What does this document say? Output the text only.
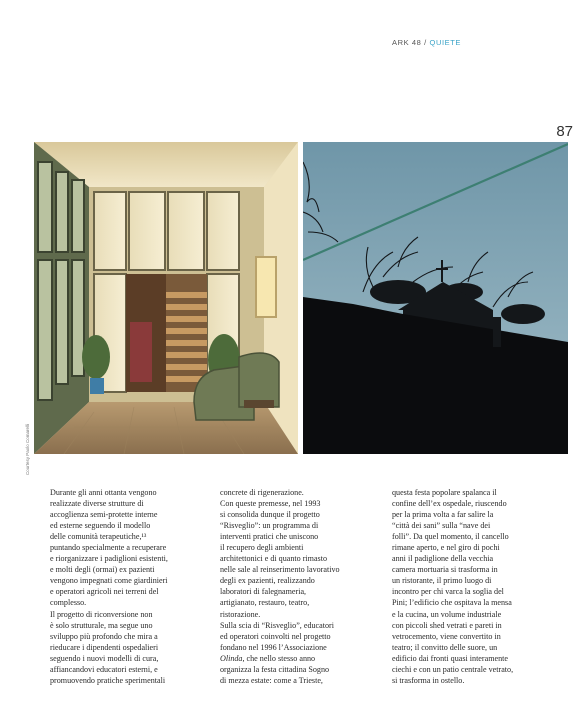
ARK 48 / QUIETE
87
Courtesy Paolo Comarelli
Durante gli anni ottanta vengono
realizzate diverse strutture di
accoglienza semi-protette interne
ed esterne seguendo il modello
delle comunità terapeutiche,¹³
puntando specialmente a recuperare
e riorganizzare i padiglioni esistenti,
e molti degli (ormai) ex pazienti
vengono impegnati come giardinieri
e operatori agricoli nei terreni del
complesso.
Il progetto di riconversione non
è solo strutturale, ma segue uno
sviluppo più profondo che mira a
rieducare i dipendenti ospedalieri
seguendo i nuovi modelli di cura,
affiancandovi educatori esterni, e
promuovendo pratiche sperimentali
concrete di rigenerazione.
Con queste premesse, nel 1993
si consolida dunque il progetto
“Risveglio”: un programma di
interventi pratici che uniscono
il recupero degli ambienti
architettonici e di quanto rimasto
nelle sale al reinserimento lavorativo
degli ex pazienti, realizzando
laboratori di falegnameria,
artigianato, restauro, teatro,
ristorazione.
Sulla scia di “Risveglio”, educatori
ed operatori coinvolti nel progetto
fondano nel 1996 l’Associazione
Olinda, che nello stesso anno
organizza la festa cittadina Sogno
di mezza estate: come a Trieste,
questa festa popolare spalanca il
confine dell’ex ospedale, riuscendo
per la prima volta a far salire la
“città dei sani” sulla “nave dei
folli”. Da quel momento, il cancello
rimane aperto, e nel giro di pochi
anni il padiglione della vecchia
camera mortuaria si trasforma in
un ristorante, il primo luogo di
incontro per chi varca la soglia del
Pini; l’edificio che ospitava la mensa
e la cucina, un volume industriale
con piccoli shed vetrati e pareti in
vetrocemento, viene convertito in
teatro; il convitto delle suore, un
edificio dai fronti quasi interamente
ciechi e con un patio centrale vetrato,
si trasforma in ostello.
